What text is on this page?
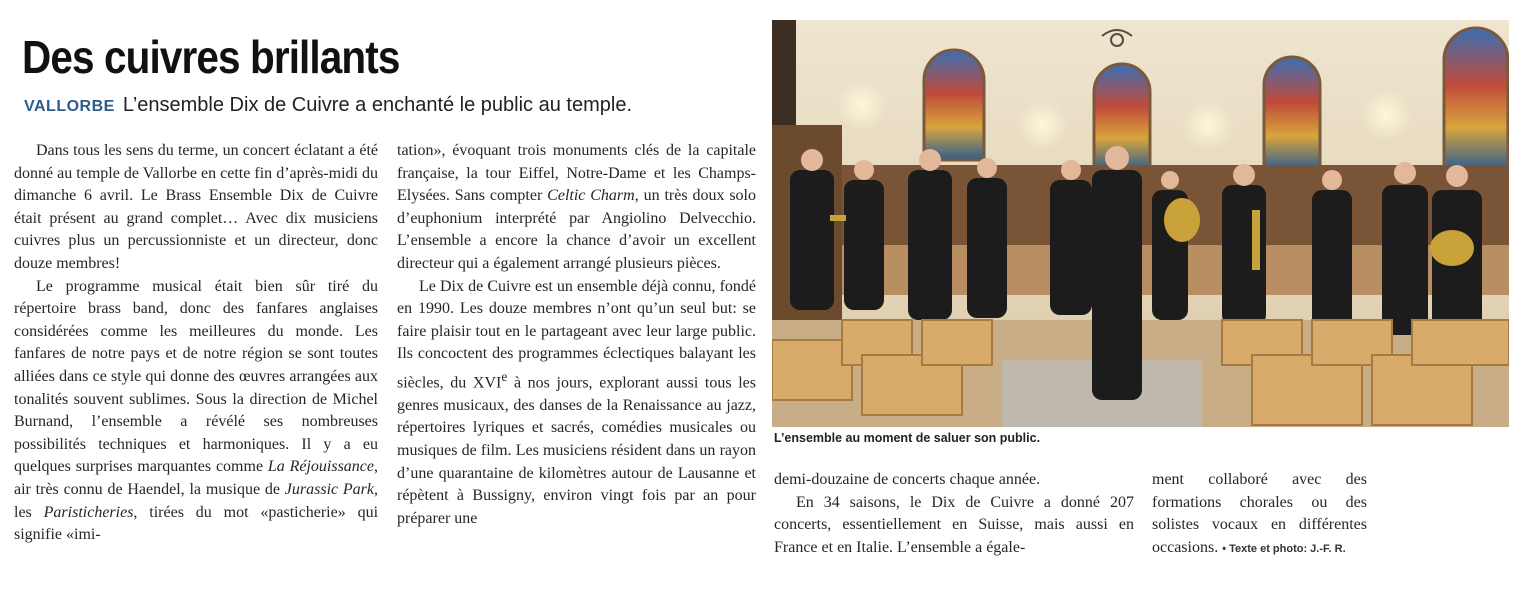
Des cuivres brillants
VALLORBE L’ensemble Dix de Cuivre a enchanté le public au temple.

Dans tous les sens du terme, un concert éclatant a été donné au temple de Vallorbe en cette fin d’après-midi du dimanche 6 avril. Le Brass Ensemble Dix de Cuivre était présent au grand complet… Avec dix musiciens cuivres plus un percussionniste et un directeur, donc douze membres!

Le programme musical était bien sûr tiré du répertoire brass band, donc des fanfares anglaises considérées comme les meilleures du monde. Les fanfares de notre pays et de notre région se sont toutes alliées dans ce style qui donne des œuvres arrangées aux tonalités souvent sublimes. Sous la direction de Michel Burnand, l’ensemble a révélé ses nombreuses possibilités techniques et harmoniques. Il y a eu quelques surprises marquantes comme La Réjouissance, air très connu de Haendel, la musique de Jurassic Park, les Paristicheries, tirées du mot «pasticherie» qui signifie «imi-

tation», évoquant trois monuments clés de la capitale française, la tour Eiffel, Notre-Dame et les Champs-Elysées. Sans compter Celtic Charm, un très doux solo d’euphonium interprété par Angiolino Delvecchio. L’ensemble a encore la chance d’avoir un excellent directeur qui a également arrangé plusieurs pièces.

Le Dix de Cuivre est un ensemble déjà connu, fondé en 1990. Les douze membres n’ont qu’un seul but: se faire plaisir tout en le partageant avec leur large public. Ils concoctent des programmes éclectiques balayant les siècles, du XVIe à nos jours, explorant aussi tous les genres musicaux, des danses de la Renaissance au jazz, répertoires lyriques et sacrés, comédies musicales ou musiques de film. Les musiciens résident dans un rayon d’une quarantaine de kilomètres autour de Lausanne et répètent à Bussigny, environ vingt fois par an pour préparer une

L’ensemble au moment de saluer son public.

demi-douzaine de concerts chaque année.

En 34 saisons, le Dix de Cuivre a donné 207 concerts, essentiellement en Suisse, mais aussi en France et en Italie. L’ensemble a égale-

ment collaboré avec des formations chorales ou des solistes vocaux en différentes occasions. • Texte et photo: J.-F. R.
